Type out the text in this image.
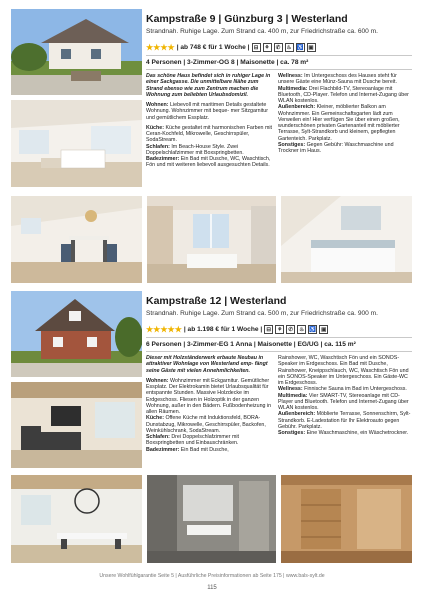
Kampstraße 9 | Günzburg 3 | Westerland
Strandnah. Ruhige Lage. Zum Strand ca. 400 m, zur Friedrichstraße ca. 600 m.
★★★★ | ab 748 € für 1 Woche | ⊟	⚘	✆	♨ ♿ ▣
4 Personen | 3-Zimmer-OG 8 | Maisonette | ca. 78 m²

Das schöne Haus befindet sich in ruhiger Lage in einer Sackgasse. Die unmittelbare Nähe zum Strand ebenso wie zum Zentrum machen die Wohnung zum beliebten Urlaubsdomizil.

Wohnen: Liebevoll mit maritimen Details gestaltete Wohnung. Wohnzimmer mit beque- mer Sitzgarnitur und gemütlichem Essplatz.

Küche: Küche gestaltet mit harmonischen Farben mit Ceran-Kochfeld, Mikrowelle, Geschirrspüler, SodaStream.

Schlafen: Im Beach-House Style. Zwei Doppelschlafzimmer mit Boxspringbetten.

Badezimmer: Ein Bad mit Dusche, WC, Waschtisch, Fön und mit weiteren liebevoll ausgesuchten Details.

Wellness: Im Untergeschoss des Hauses steht für unsere Gäste eine Münz-Sauna mit Dusche bereit.

Multimedia: Drei Flachbild-TV, Stereoanlage mit Bluetooth, CD-Player. Telefon und Internet-Zugang über WLAN kostenlos.

Außenbereich: Kleiner, möblierter Balkon am Wohnzimmer. Ein Gemeinschaftsgarten lädt zum Verweilen ein! Hier verfügen Sie über einen großen, wunderschönen privaten Gartenanteil mit möblierter Terrasse, Sylt-Strandkorb und kleinem, gepflegten Gartenteich. Parkplatz.

Sonstiges: Gegen Gebühr: Waschmaschine und Trockner im Haus.

Kampstraße 12 | Westerland
Strandnah. Ruhige Lage. Zum Strand ca. 500 m, zur Friedrichstraße ca. 900 m.
★★★★★ | ab 1.198 € für 1 Woche | ⊟	⚘	✆	♨ ♿ ▣
6 Personen | 3-Zimmer-EG 1 Anna | Maisonette | EG/UG | ca. 115 m²

Dieser mit Holzständerwerk erbaute Neubau in attraktiver Wohnlage von Westerland emp- fängt seine Gäste mit vielen Annehmlichkeiten.

Wohnen: Wohnzimmer mit Eckgarnitur. Gemütlicher Essplatz. Der Elektrokamin bietet Urlaubsqualität für entspannte Stunden. Massive Holzdecke im Erdgeschoss. Fliesen in Holzoptik in der ganzen Wohnung, außer in den Bädern. Fußbodenheizung in allen Räumen.

Küche: Offene Küche mit Induktionsfeld, BORA-Dunstabzug, Mikrowelle, Geschirrspüler, Backofen, Weinkühlschrank, SodaStream.

Schlafen: Drei Doppelschlafzimmer mit Boxspringbetten und Einbauschränken.

Badezimmer: Ein Bad mit Dusche,

Rainshower, WC, Waschtisch Fön und ein SONOS-Speaker im Erdgeschoss. Ein Bad mit Dusche, Rainshower, Kneippschlauch, WC, Waschtisch Fön und ein SONOS-Speaker im Untergeschoss. Ein Gäste-WC im Erdgeschoss.

Wellness: Finnische Sauna im Bad im Untergeschoss.

Multimedia: Vier SMART-TV, Stereoanlage mit CD-Player und Bluetooth. Telefon und Internet-Zugang über WLAN kostenlos.

Außenbereich: Möblierte Terrasse, Sonnenschirm, Sylt-Strandkorb. E-Ladestation für Ihr Elektroauto gegen Gebühr. Parkplatz.

Sonstiges: Eine Waschmaschine, ein Wäschetrockner.

Unsere Wohlfühlgarantie Seite 5 | Ausführliche Preisinformationen ab Seite 175 | www.bals-sylt.de
115
